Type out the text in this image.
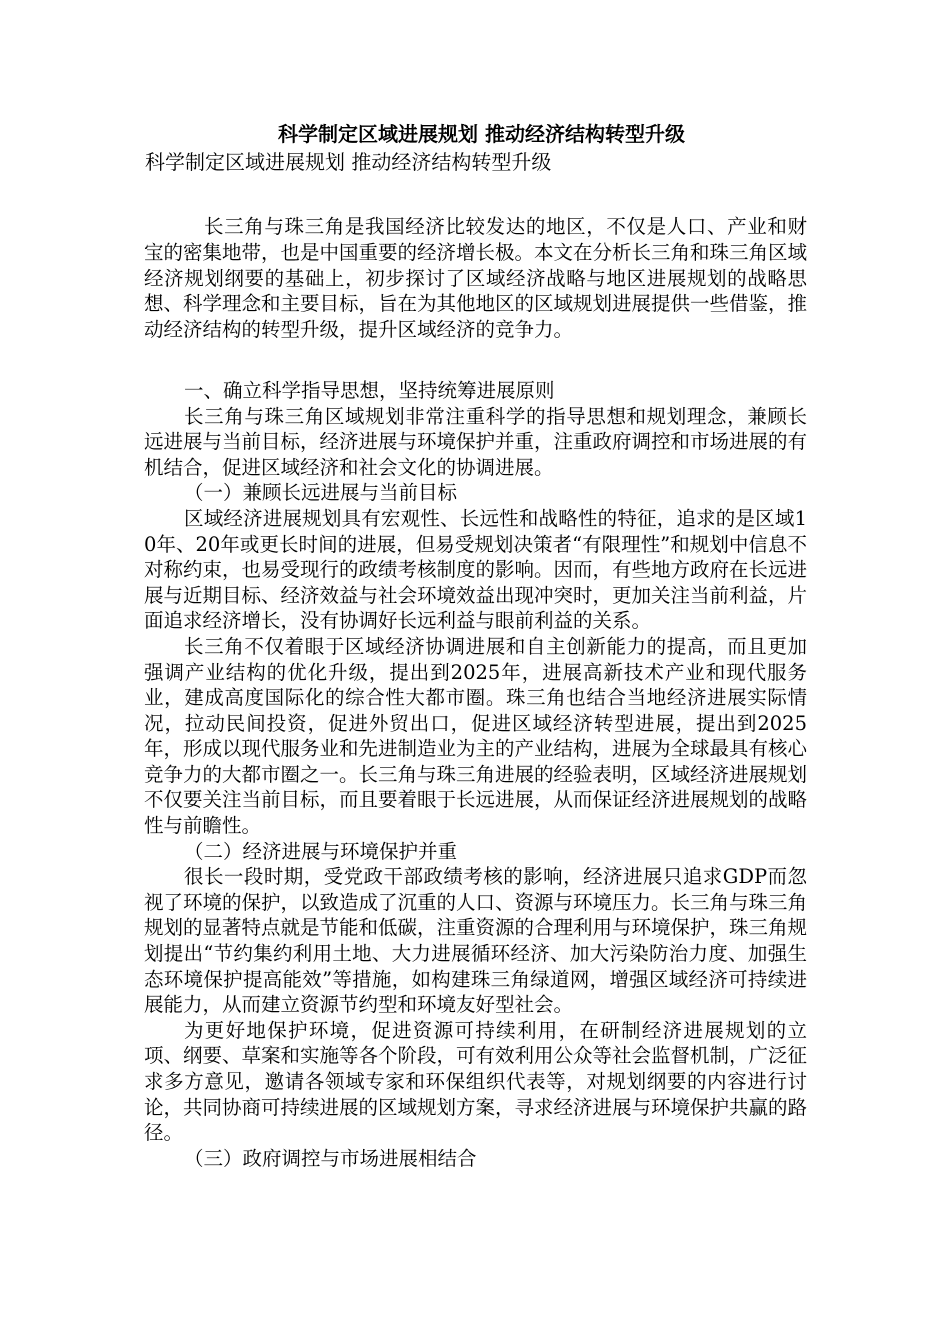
科学制定区域进展规划 推动经济结构转型升级

科学制定区域进展规划 推动经济结构转型升级

长三角与珠三角是我国经济比较发达的地区，不仅是人口、产业和财宝的密集地带，也是中国重要的经济增长极。本文在分析长三角和珠三角区域经济规划纲要的基础上，初步探讨了区域经济战略与地区进展规划的战略思想、科学理念和主要目标，旨在为其他地区的区域规划进展提供一些借鉴，推动经济结构的转型升级，提升区域经济的竞争力。

一、确立科学指导思想，坚持统筹进展原则

长三角与珠三角区域规划非常注重科学的指导思想和规划理念，兼顾长远进展与当前目标，经济进展与环境保护并重，注重政府调控和市场进展的有机结合，促进区域经济和社会文化的协调进展。

（一）兼顾长远进展与当前目标

区域经济进展规划具有宏观性、长远性和战略性的特征，追求的是区域10年、20年或更长时间的进展，但易受规划决策者“有限理性”和规划中信息不对称约束，也易受现行的政绩考核制度的影响。因而，有些地方政府在长远进展与近期目标、经济效益与社会环境效益出现冲突时，更加关注当前利益，片面追求经济增长，没有协调好长远利益与眼前利益的关系。

长三角不仅着眼于区域经济协调进展和自主创新能力的提高，而且更加强调产业结构的优化升级，提出到2025年，进展高新技术产业和现代服务业，建成高度国际化的综合性大都市圈。珠三角也结合当地经济进展实际情况，拉动民间投资，促进外贸出口，促进区域经济转型进展，提出到2025年，形成以现代服务业和先进制造业为主的产业结构，进展为全球最具有核心竞争力的大都市圈之一。长三角与珠三角进展的经验表明，区域经济进展规划不仅要关注当前目标，而且要着眼于长远进展，从而保证经济进展规划的战略性与前瞻性。

（二）经济进展与环境保护并重

很长一段时期，受党政干部政绩考核的影响，经济进展只追求GDP而忽视了环境的保护，以致造成了沉重的人口、资源与环境压力。长三角与珠三角规划的显著特点就是节能和低碳，注重资源的合理利用与环境保护，珠三角规划提出“节约集约利用土地、大力进展循环经济、加大污染防治力度、加强生态环境保护提高能效”等措施，如构建珠三角绿道网，增强区域经济可持续进展能力，从而建立资源节约型和环境友好型社会。

为更好地保护环境，促进资源可持续利用，在研制经济进展规划的立项、纲要、草案和实施等各个阶段，可有效利用公众等社会监督机制，广泛征求多方意见，邀请各领域专家和环保组织代表等，对规划纲要的内容进行讨论，共同协商可持续进展的区域规划方案，寻求经济进展与环境保护共赢的路径。

（三）政府调控与市场进展相结合
